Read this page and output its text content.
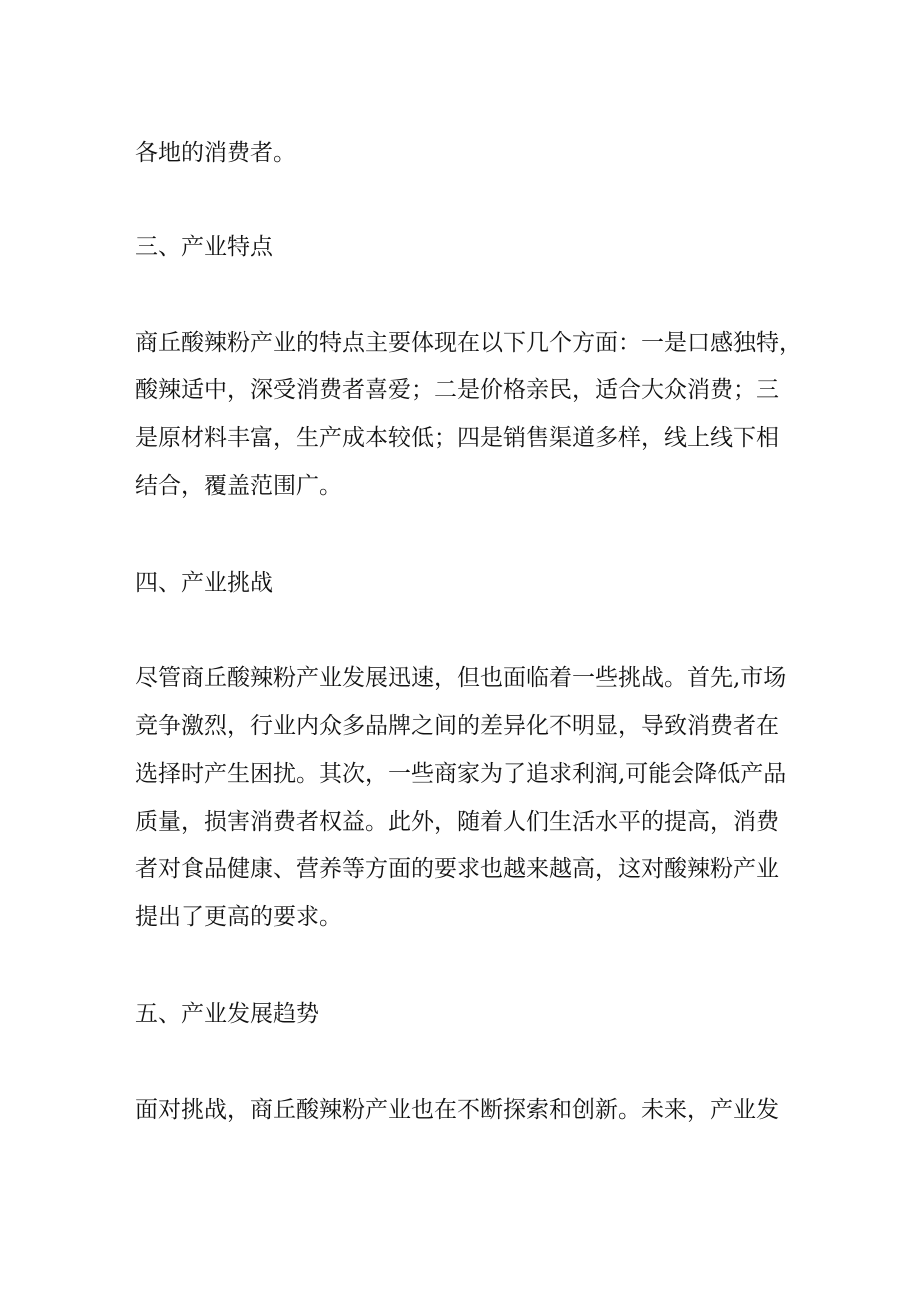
各地的消费者。

三、产业特点

商丘酸辣粉产业的特点主要体现在以下几个方面：一是口感独特，

酸辣适中，深受消费者喜爱；二是价格亲民，适合大众消费；三

是原材料丰富，生产成本较低；四是销售渠道多样，线上线下相

结合，覆盖范围广。

四、产业挑战

尽管商丘酸辣粉产业发展迅速，但也面临着一些挑战。首先,市场

竞争激烈，行业内众多品牌之间的差异化不明显，导致消费者在

选择时产生困扰。其次，一些商家为了追求利润,可能会降低产品

质量，损害消费者权益。此外，随着人们生活水平的提高，消费

者对食品健康、营养等方面的要求也越来越高，这对酸辣粉产业

提出了更高的要求。

五、产业发展趋势

面对挑战，商丘酸辣粉产业也在不断探索和创新。未来，产业发
